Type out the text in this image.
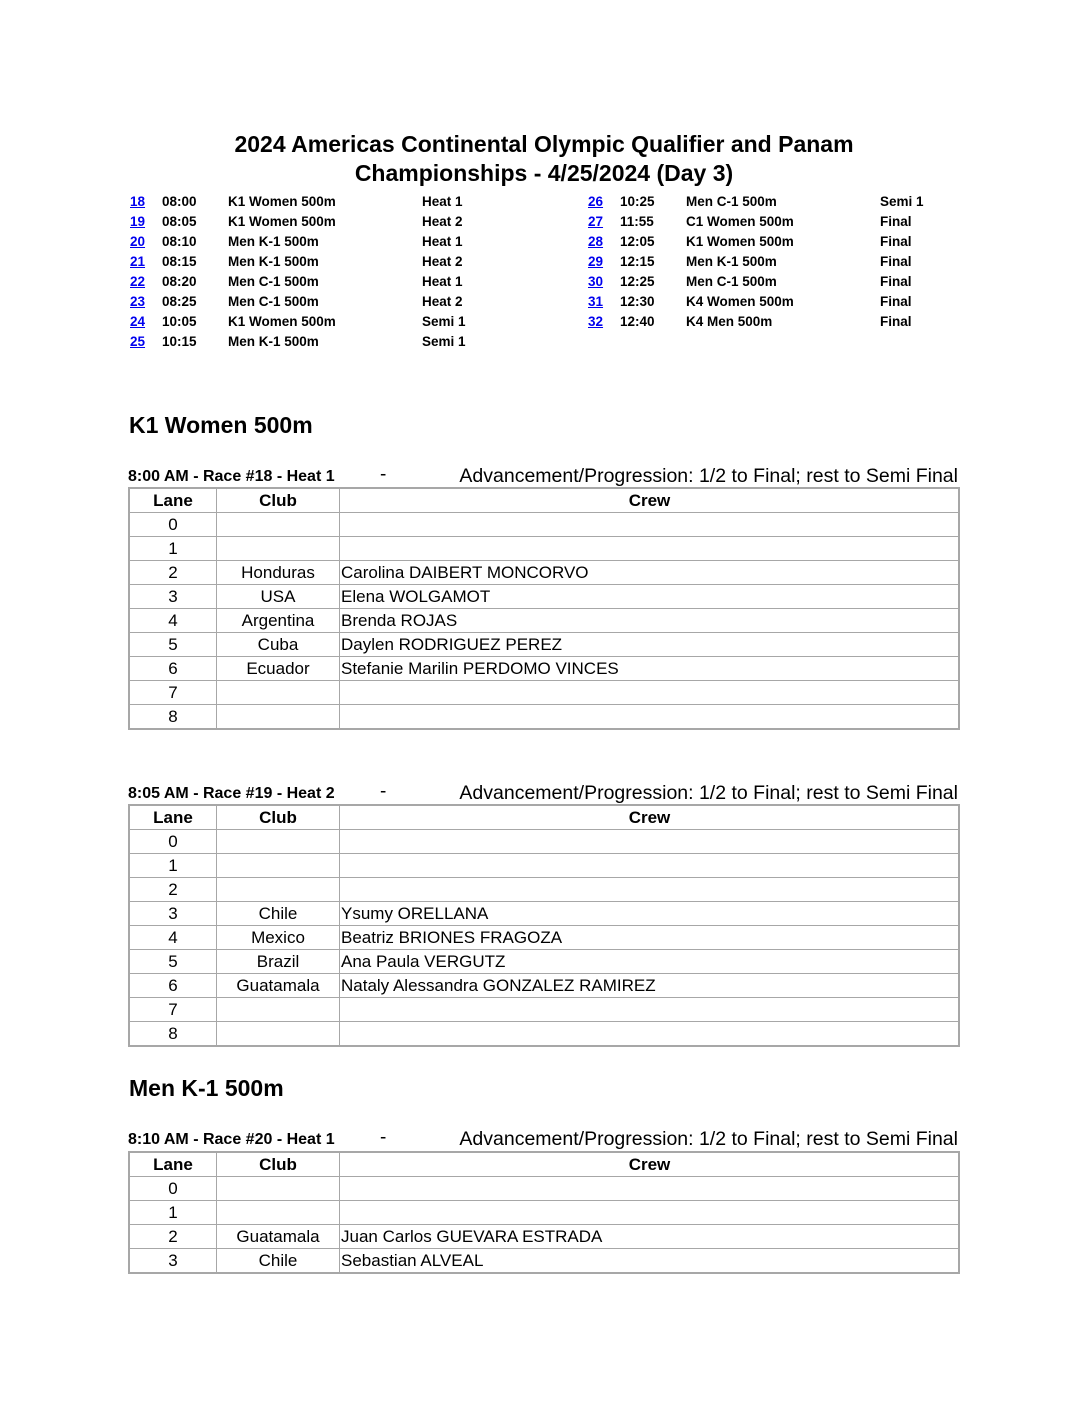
2024 Americas Continental Olympic Qualifier and Panam
Championships - 4/25/2024 (Day 3)
18	08:00	K1 Women 500m	Heat 1
19	08:05	K1 Women 500m	Heat 2
20	08:10	Men K-1 500m	Heat 1
21	08:15	Men K-1 500m	Heat 2
22	08:20	Men C-1 500m	Heat 1
23	08:25	Men C-1 500m	Heat 2
24	10:05	K1 Women 500m	Semi 1
25	10:15	Men K-1 500m	Semi 1
26	10:25	Men C-1 500m	Semi 1
27	11:55	C1 Women 500m	Final
28	12:05	K1 Women 500m	Final
29	12:15	Men K-1 500m	Final
30	12:25	Men C-1 500m	Final
31	12:30	K4 Women 500m	Final
32	12:40	K4 Men 500m	Final
K1 Women 500m
8:00 AM - Race #18 - Heat 1 -	Advancement/Progression: 1/2 to Final; rest to Semi Final
Lane	Club	Crew
0		
1		
2	Honduras	Carolina DAIBERT MONCORVO
3	USA	Elena WOLGAMOT
4	Argentina	Brenda ROJAS
5	Cuba	Daylen RODRIGUEZ PEREZ
6	Ecuador	Stefanie Marilin PERDOMO VINCES
7		
8		
8:05 AM - Race #19 - Heat 2 -	Advancement/Progression: 1/2 to Final; rest to Semi Final
Lane	Club	Crew
0		
1		
2		
3	Chile	Ysumy ORELLANA
4	Mexico	Beatriz BRIONES FRAGOZA
5	Brazil	Ana Paula VERGUTZ
6	Guatamala	Nataly Alessandra GONZALEZ RAMIREZ
7		
8		
Men K-1 500m
8:10 AM - Race #20 - Heat 1 -	Advancement/Progression: 1/2 to Final; rest to Semi Final
Lane	Club	Crew
0		
1		
2	Guatamala	Juan Carlos GUEVARA ESTRADA
3	Chile	Sebastian ALVEAL
